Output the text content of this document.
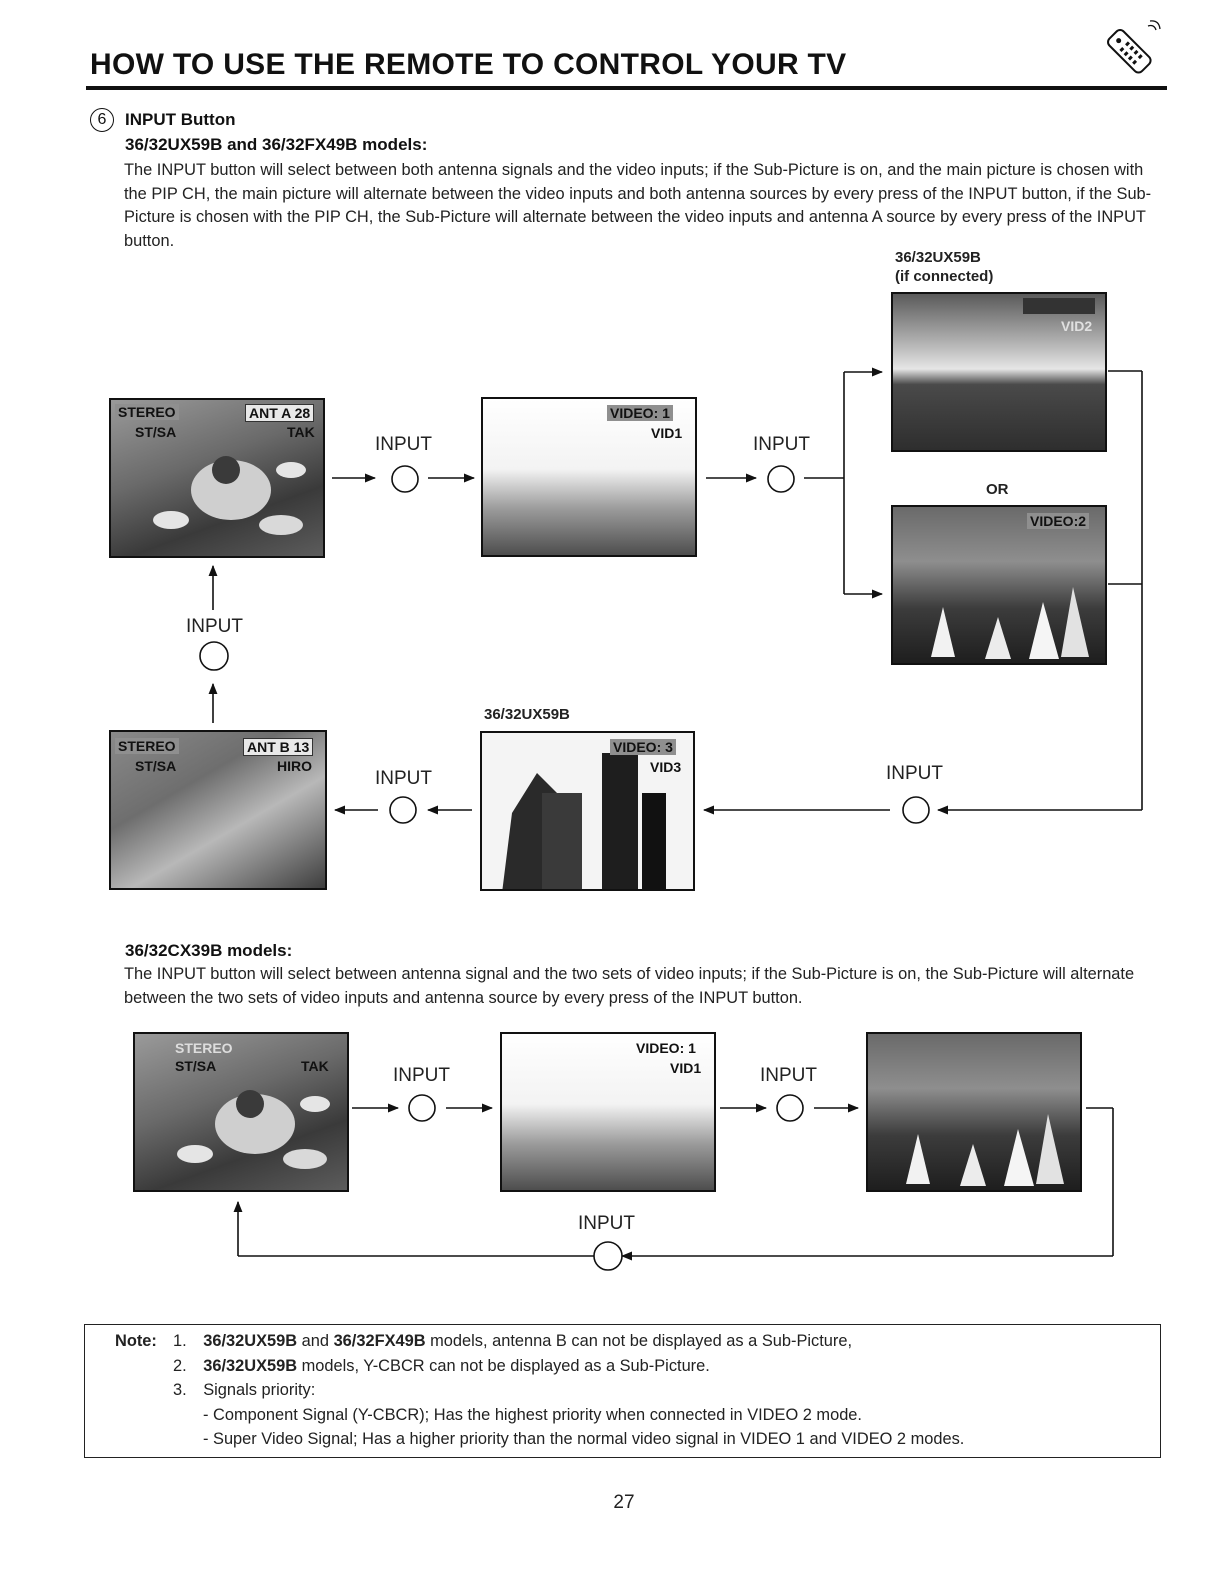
HOW TO USE THE REMOTE TO CONTROL YOUR TV
6	INPUT Button
36/32UX59B and 36/32FX49B models:
The INPUT button will select between both antenna signals and the video inputs; if the Sub-Picture is on, and the main picture is chosen with the PIP CH, the main picture will alternate between the video inputs and both antenna sources by every press of the INPUT button, if the Sub-Picture is chosen with the PIP CH, the Sub-Picture will alternate between the video inputs and antenna A source by every press of the INPUT button.
36/32UX59B
(if connected)
OR
36/32UX59B
STEREO
ST/SA
ANT A 28
TAK
VIDEO: 1
VID1

VID2
VIDEO:2
VIDEO: 3
VID3
STEREO
ST/SA
ANT B 13
HIRO
INPUT	INPUT
INPUT
INPUT	INPUT
36/32CX39B models:
The INPUT button will select between antenna signal and the two sets of video inputs; if the Sub-Picture is on, the Sub-Picture will alternate between the two sets of video inputs and antenna source by every press of the INPUT button.
STEREO
ST/SA	TAK
VIDEO: 1
VID1
INPUT	INPUT
INPUT
Note: 1. 36/32UX59B and 36/32FX49B models, antenna B can not be displayed as a Sub-Picture,
2. 36/32UX59B models, Y-CBCR can not be displayed as a Sub-Picture.
3. Signals priority:
- Component Signal (Y-CBCR); Has the highest priority when connected in VIDEO 2 mode.
- Super Video Signal; Has a higher priority than the normal video signal in VIDEO 1 and VIDEO 2 modes.
27
